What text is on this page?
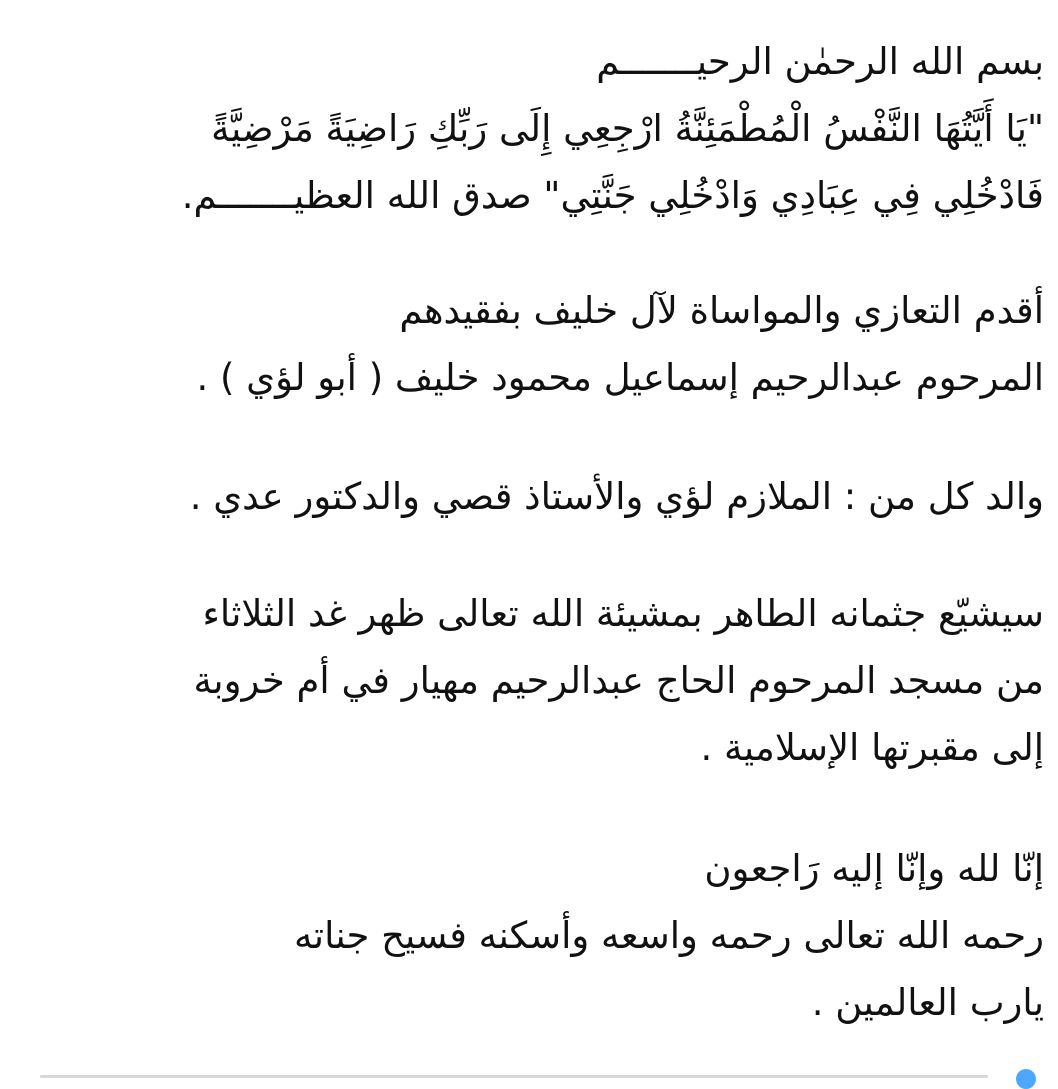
بسم الله الرحمٰن الرحيـــــــم
"يَا أَيَّتُهَا النَّفْسُ الْمُطْمَئِنَّةُ ارْجِعِي إِلَى رَبِّكِ رَاضِيَةً مَرْضِيَّةً
فَادْخُلِي فِي عِبَادِي وَادْخُلِي جَنَّتِي" صدق الله العظيـــــــم.
أقدم التعازي والمواساة لآل خليف بفقيدهم
المرحوم عبدالرحيم إسماعيل محمود خليف ( أبو لؤي ) .
والد كل من : الملازم لؤي والأستاذ قصي والدكتور عدي .
سيشيّع جثمانه الطاهر بمشيئة الله تعالى ظهر غد الثلاثاء
من مسجد المرحوم الحاج عبدالرحيم مهيار في أم خروبة
إلى مقبرتها الإسلامية .
إنّا لله وإنّا إليه رَاجعون
رحمه الله تعالى رحمه واسعه وأسكنه فسيح جناته
يارب العالمين .
